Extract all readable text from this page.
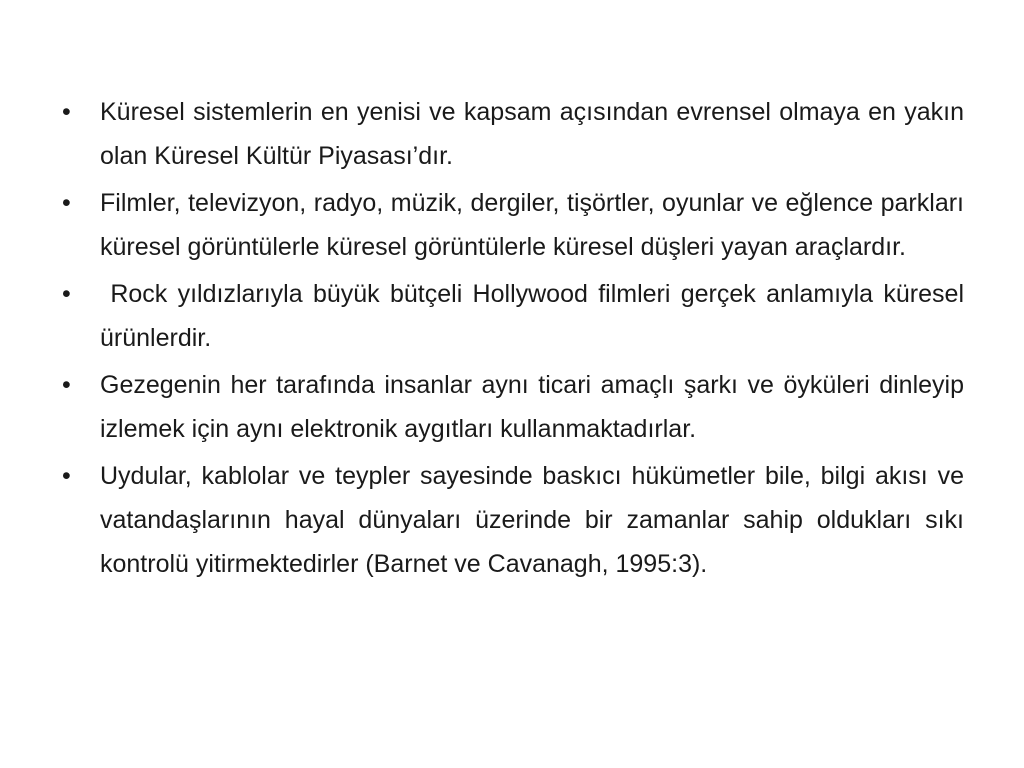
•	Küresel sistemlerin en yenisi ve kapsam açısından evrensel olmaya en yakın olan Küresel Kültür Piyasası’dır.
•	Filmler, televizyon, radyo, müzik, dergiler, tişörtler, oyunlar ve eğlence parkları küresel görüntülerle küresel görüntülerle küresel düşleri yayan araçlardır.
•	Rock yıldızlarıyla büyük bütçeli Hollywood filmleri gerçek anlamıyla küresel ürünlerdir.
•	Gezegenin her tarafında insanlar aynı ticari amaçlı şarkı ve öyküleri dinleyip izlemek için aynı elektronik aygıtları kullanmaktadırlar.
•	Uydular, kablolar ve teypler sayesinde baskıcı hükümetler bile, bilgi akısı ve vatandaşlarının hayal dünyaları üzerinde bir zamanlar sahip oldukları sıkı kontrolü yitirmektedirler (Barnet ve Cavanagh, 1995:3).
